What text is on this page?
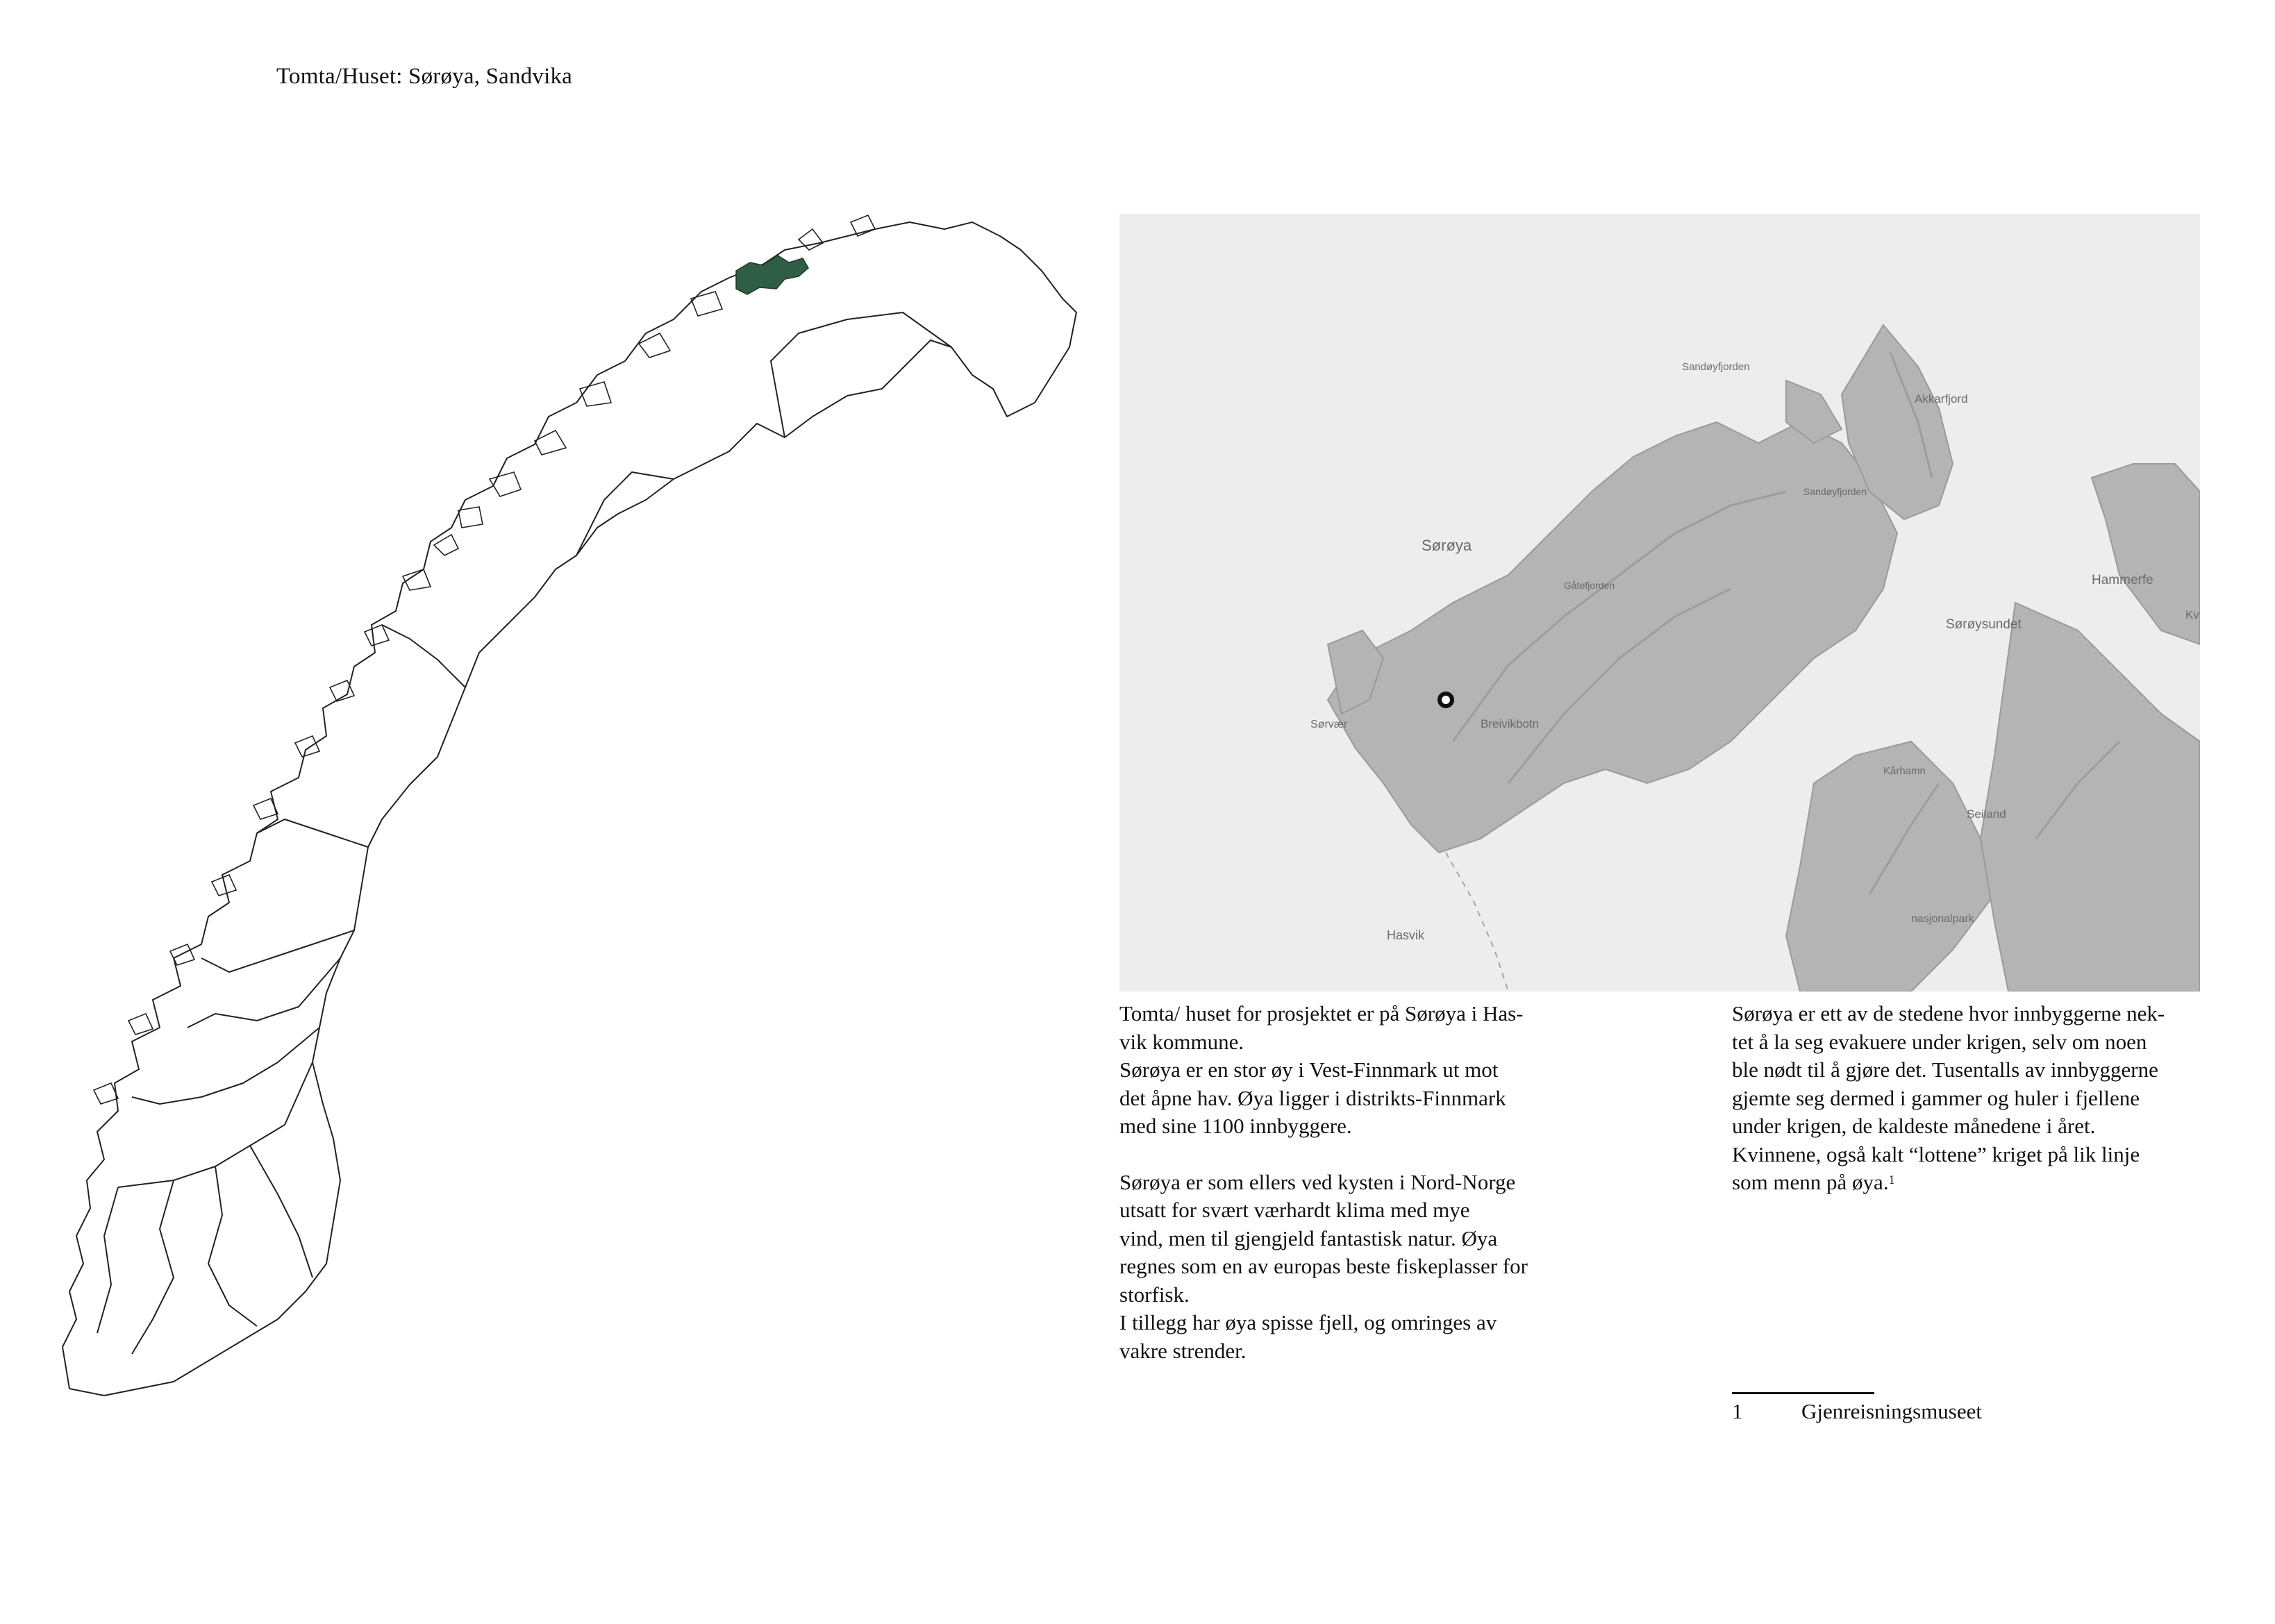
Tomta/Huset: Sørøya, Sandvika
Sandøyfjorden
Akkarfjord
Sandøyfjorden
Sørøya
Gåtefjorden	Hammerfe
Kv
Sørøysundet
Sørvær	Breivikbotn
Kårhamn
Seiland
nasjonalpark
Hasvik

Tomta/ huset for prosjektet er på Sørøya i Has-

vik kommune.

Sørøya er en stor øy i Vest-Finnmark ut mot

det åpne hav. Øya ligger i distrikts-Finnmark

med sine 1100 innbyggere.

Sørøya er som ellers ved kysten i Nord-Norge

utsatt for svært værhardt klima med mye

vind, men til gjengjeld fantastisk natur. Øya

regnes som en av europas beste fiskeplasser for

storfisk.

I tillegg har øya spisse fjell, og omringes av

vakre strender.

Sørøya er ett av de stedene hvor innbyggerne nek-

tet å la seg evakuere under krigen, selv om noen

ble nødt til å gjøre det. Tusentalls av innbyggerne

gjemte seg dermed i gammer og huler i fjellene

under krigen, de kaldeste månedene i året.

Kvinnene, også kalt “lottene” kriget på lik linje

som menn på øya.$^1$

1	Gjenreisningsmuseet
